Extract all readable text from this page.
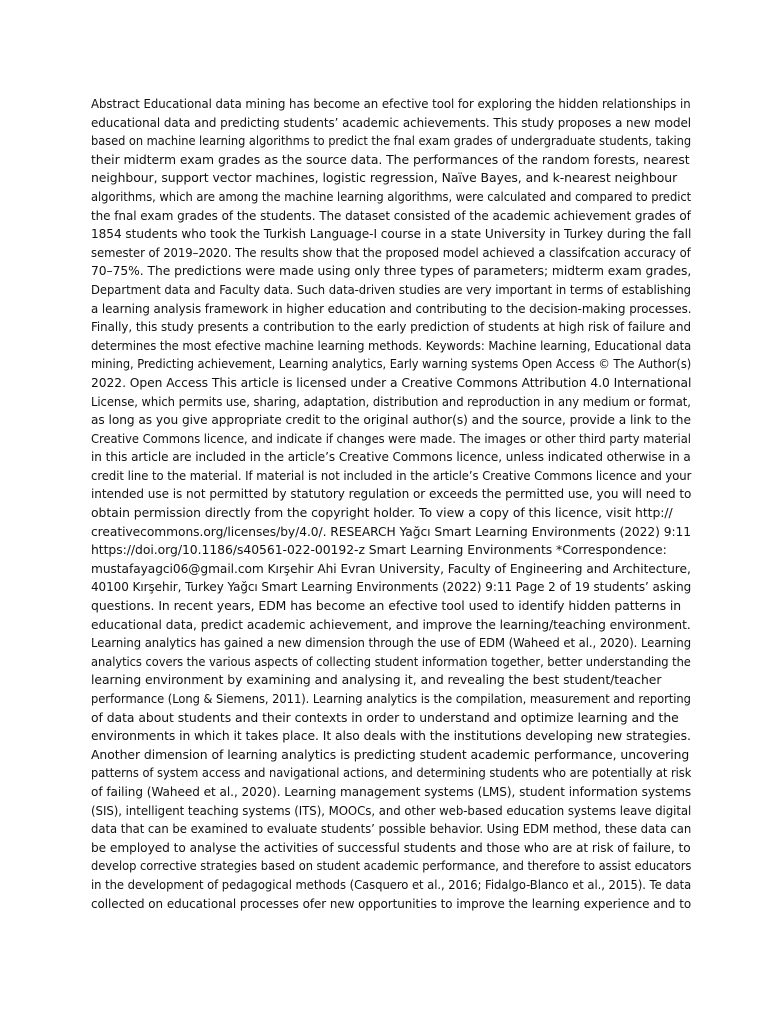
Abstract Educational data mining has become an efective tool for exploring the hidden relationships in
educational data and predicting students’ academic achievements. This study proposes a new model
based on machine learning algorithms to predict the fnal exam grades of undergraduate students, taking
their midterm exam grades as the source data. The performances of the random forests, nearest
neighbour, support vector machines, logistic regression, Naïve Bayes, and k-nearest neighbour
algorithms, which are among the machine learning algorithms, were calculated and compared to predict
the fnal exam grades of the students. The dataset consisted of the academic achievement grades of
1854 students who took the Turkish Language-I course in a state University in Turkey during the fall
semester of 2019–2020. The results show that the proposed model achieved a classifcation accuracy of
70–75%. The predictions were made using only three types of parameters; midterm exam grades,
Department data and Faculty data. Such data-driven studies are very important in terms of establishing
a learning analysis framework in higher education and contributing to the decision-making processes.
Finally, this study presents a contribution to the early prediction of students at high risk of failure and
determines the most efective machine learning methods. Keywords: Machine learning, Educational data
mining, Predicting achievement, Learning analytics, Early warning systems Open Access © The Author(s)
2022. Open Access This article is licensed under a Creative Commons Attribution 4.0 International
License, which permits use, sharing, adaptation, distribution and reproduction in any medium or format,
as long as you give appropriate credit to the original author(s) and the source, provide a link to the
Creative Commons licence, and indicate if changes were made. The images or other third party material
in this article are included in the article’s Creative Commons licence, unless indicated otherwise in a
credit line to the material. If material is not included in the article’s Creative Commons licence and your
intended use is not permitted by statutory regulation or exceeds the permitted use, you will need to
obtain permission directly from the copyright holder. To view a copy of this licence, visit http://
creativecommons.org/licenses/by/4.0/. RESEARCH Yağcı Smart Learning Environments (2022) 9:11
https://doi.org/10.1186/s40561-022-00192-z Smart Learning Environments *Correspondence:
mustafayagci06@gmail.com Kırşehir Ahi Evran University, Faculty of Engineering and Architecture,
40100 Kırşehir, Turkey Yağcı Smart Learning Environments (2022) 9:11 Page 2 of 19 students’ asking
questions. In recent years, EDM has become an efective tool used to identify hidden patterns in
educational data, predict academic achievement, and improve the learning/teaching environment.
Learning analytics has gained a new dimension through the use of EDM (Waheed et al., 2020). Learning
analytics covers the various aspects of collecting student information together, better understanding the
learning environment by examining and analysing it, and revealing the best student/teacher
performance (Long & Siemens, 2011). Learning analytics is the compilation, measurement and reporting
of data about students and their contexts in order to understand and optimize learning and the
environments in which it takes place. It also deals with the institutions developing new strategies.
Another dimension of learning analytics is predicting student academic performance, uncovering
patterns of system access and navigational actions, and determining students who are potentially at risk
of failing (Waheed et al., 2020). Learning management systems (LMS), student information systems
(SIS), intelligent teaching systems (ITS), MOOCs, and other web-based education systems leave digital
data that can be examined to evaluate students’ possible behavior. Using EDM method, these data can
be employed to analyse the activities of successful students and those who are at risk of failure, to
develop corrective strategies based on student academic performance, and therefore to assist educators
in the development of pedagogical methods (Casquero et al., 2016; Fidalgo-Blanco et al., 2015). Te data
collected on educational processes ofer new opportunities to improve the learning experience and to
